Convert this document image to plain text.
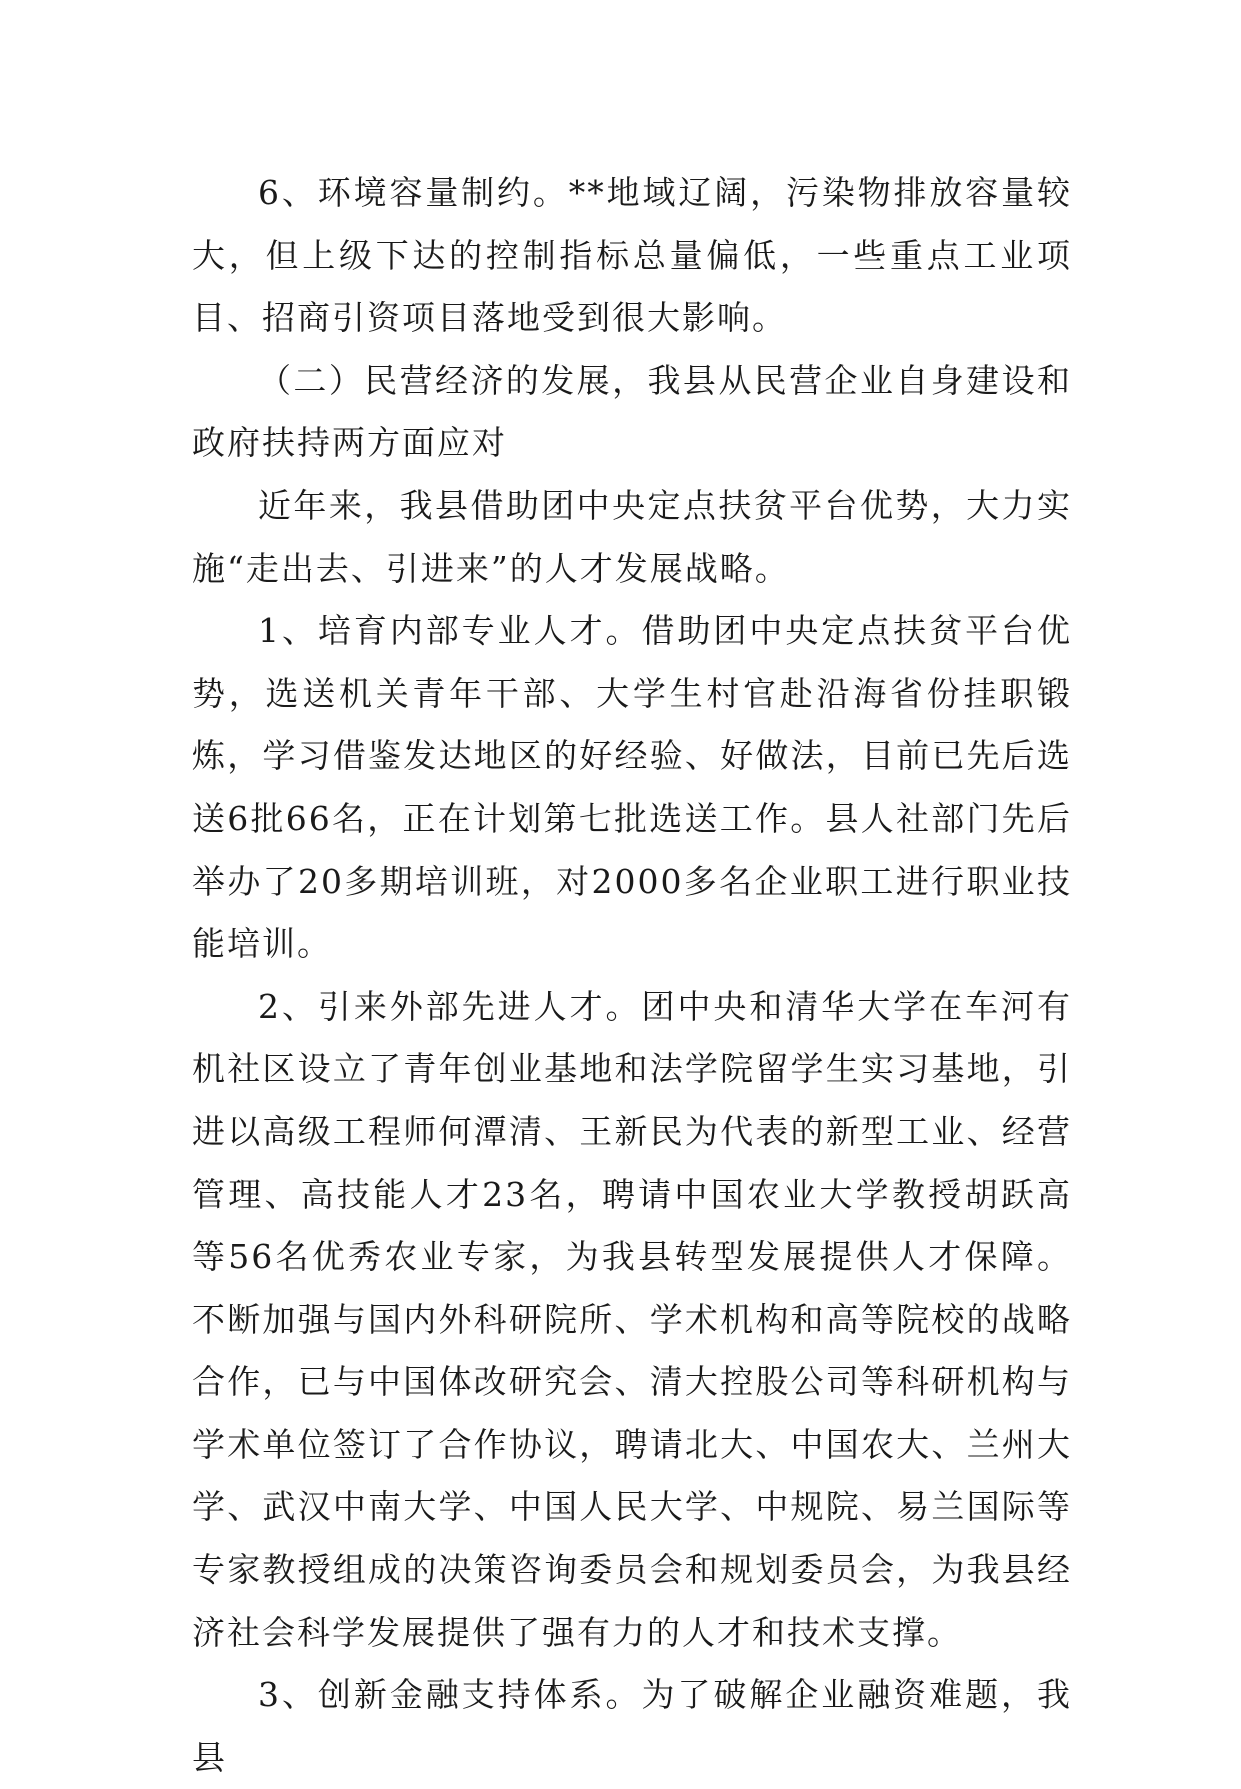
6、环境容量制约。**地域辽阔，污染物排放容量较大，但上级下达的控制指标总量偏低，一些重点工业项目、招商引资项目落地受到很大影响。

（二）民营经济的发展，我县从民营企业自身建设和政府扶持两方面应对

近年来，我县借助团中央定点扶贫平台优势，大力实施“走出去、引进来”的人才发展战略。

1、培育内部专业人才。借助团中央定点扶贫平台优势，选送机关青年干部、大学生村官赴沿海省份挂职锻炼，学习借鉴发达地区的好经验、好做法，目前已先后选送6批66名，正在计划第七批选送工作。县人社部门先后举办了20多期培训班，对2000多名企业职工进行职业技能培训。

2、引来外部先进人才。团中央和清华大学在车河有机社区设立了青年创业基地和法学院留学生实习基地，引进以高级工程师何潭清、王新民为代表的新型工业、经营管理、高技能人才23名，聘请中国农业大学教授胡跃高等56名优秀农业专家，为我县转型发展提供人才保障。不断加强与国内外科研院所、学术机构和高等院校的战略合作，已与中国体改研究会、清大控股公司等科研机构与学术单位签订了合作协议，聘请北大、中国农大、兰州大学、武汉中南大学、中国人民大学、中规院、易兰国际等专家教授组成的决策咨询委员会和规划委员会，为我县经济社会科学发展提供了强有力的人才和技术支撑。

3、创新金融支持体系。为了破解企业融资难题，我县
